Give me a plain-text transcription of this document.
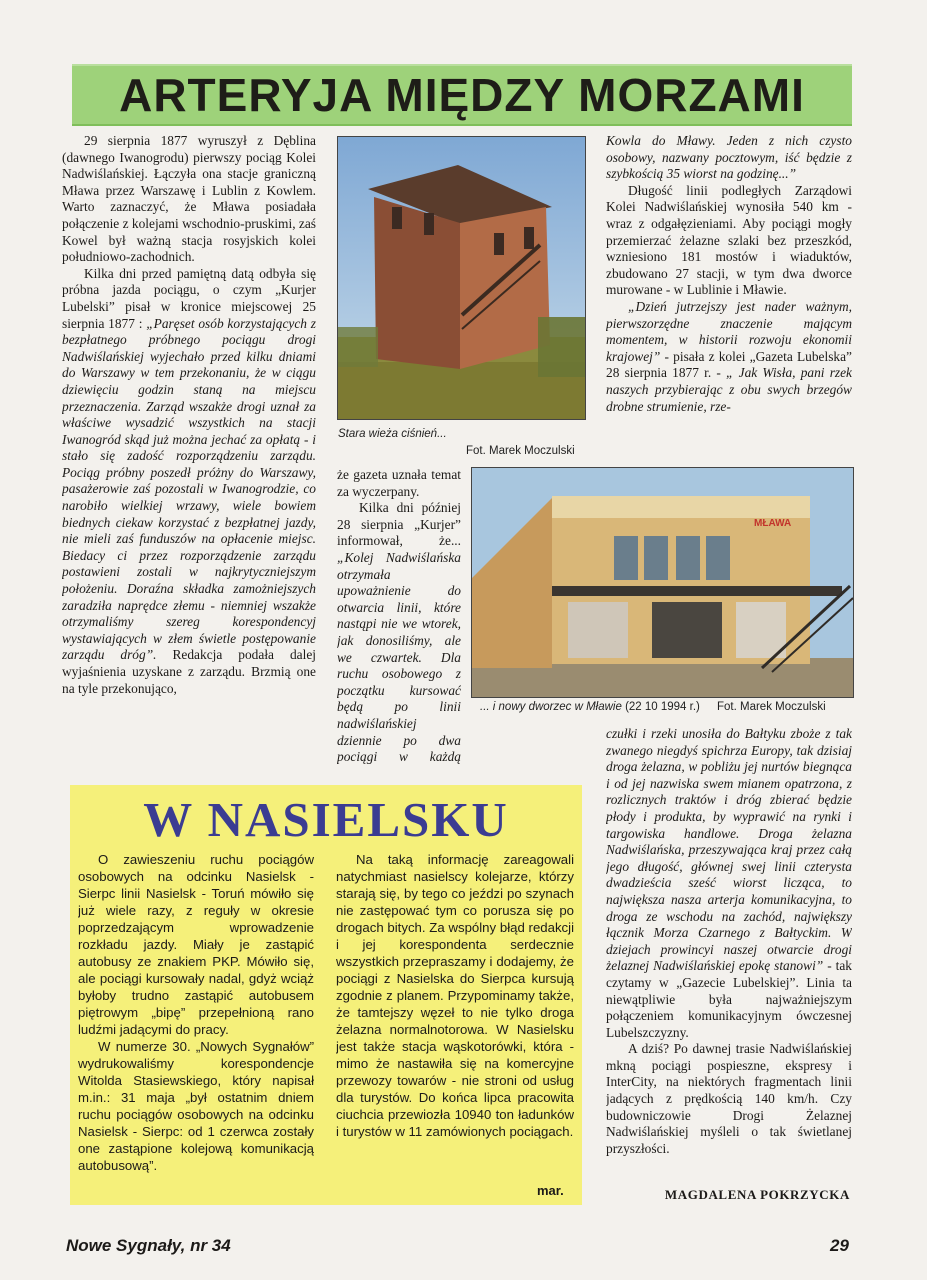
ARTERYJA MIĘDZY MORZAMI

29 sierpnia 1877 wyruszył z Dęblina (dawnego Iwanogrodu) pierwszy pociąg Kolei Nadwiślańskiej. Łączyła ona stacje graniczną Mława przez Warszawę i Lublin z Kowlem. Warto zaznaczyć, że Mława posiadała połączenie z kolejami wschodnio-pruskimi, zaś Kowel był ważną stacja rosyjskich kolei południowo-zachodnich.

Kilka dni przed pamiętną datą odbyła się próbna jazda pociągu, o czym „Kurjer Lubelski” pisał w kronice miejscowej 25 sierpnia 1877 : „Paręset osób korzystających z bezpłatnego próbnego pociągu drogi Nadwiślańskiej wyjechało przed kilku dniami do Warszawy w tem przekonaniu, że w ciągu dziewięciu godzin staną na miejscu przeznaczenia. Zarząd wszakże drogi uznał za właściwe wysadzić wszystkich na stacji Iwanogród skąd już można jechać za opłatą - i stało się zadość rozporządzeniu zarządu. Pociąg próbny poszedł próżny do Warszawy, pasażerowie zaś pozostali w Iwanogrodzie, co narobiło wielkiej wrzawy, wiele bowiem biednych ciekaw korzystać z bezpłatnej jazdy, nie mieli zaś funduszów na opłacenie miejsc. Biedacy ci przez rozporządzenie zarządu postawieni zostali w najkrytyczniejszym położeniu. Doraźna składka zamożniejszych zaradziła naprędce złemu - niemniej wszakże otrzymaliśmy szereg korespondencyj wystawiających w złem świetle postępowanie zarządu dróg”. Redakcja podała dalej wyjaśnienia uzyskane z zarządu. Brzmią one na tyle przekonująco,

Stara wieża ciśnień...
Fot. Marek Moczulski

że gazeta uznała temat za wyczerpany.

Kilka dni później 28 sierpnia „Kurjer” informował, że... „Kolej Nadwiślańska otrzymała upoważnienie do otwarcia linii, które nastąpi nie we wtorek, jak donosiliśmy, ale we czwartek. Dla ruchu osobowego z początku kursować będą po linii nadwiślańskiej dziennie po dwa pociągi w każdą

Kowla do Mławy. Jeden z nich czysto osobowy, nazwany pocztowym, iść będzie z szybkością 35 wiorst na godzinę...”

Długość linii podległych Zarządowi Kolei Nadwiślańskiej wynosiła 540 km - wraz z odgałęzieniami. Aby pociągi mogły przemierzać żelazne szlaki bez przeszkód, wzniesiono 181 mostów i wiaduktów, zbudowano 27 stacji, w tym dwa dworce murowane - w Lublinie i Mławie.

„Dzień jutrzejszy jest nader ważnym, pierwszorzędne znaczenie mającym momentem, w historii rozwoju ekonomii krajowej” - pisała z kolei „Gazeta Lubelska” 28 sierpnia 1877 r. - „ Jak Wisła, pani rzek naszych przybierając z obu swych brzegów drobne strumienie, rze-

MŁAWA
... i nowy dworzec w Mławie (22 10 1994 r.) Fot. Marek Moczulski

czułki i rzeki unosiła do Bałtyku zboże z tak zwanego niegdyś spichrza Europy, tak dzisiaj droga żelazna, w pobliżu jej nurtów biegnąca i od jej nazwiska swem mianem opatrzona, z rozlicznych traktów i dróg zbierać będzie płody i produkta, by wyprawić na rynki i targowiska handlowe. Droga żelazna Nadwiślańska, przeszywająca kraj przez całą jego długość, głównej swej linii czterysta dwadzieścia sześć wiorst licząca, to największa nasza arterja komunikacyjna, to droga ze wschodu na zachód, największy łącznik Morza Czarnego z Bałtyckim. W dziejach prowincyi naszej otwarcie drogi żelaznej Nadwiślańskiej epokę stanowi” - tak czytamy w „Gazecie Lubelskiej”. Linia ta niewątpliwie była najważniejszym połączeniem komunikacyjnym ówczesnej Lubelszczyzny.

A dziś? Po dawnej trasie Nadwiślańskiej mkną pociągi pospieszne, ekspresy i InterCity, na niektórych fragmentach linii jadących z prędkością 140 km/h. Czy budowniczowie Drogi Żelaznej Nadwiślańskiej myśleli o tak świetlanej przyszłości.

MAGDALENA POKRZYCKA
W NASIELSKU

O zawieszeniu ruchu pociągów osobowych na odcinku Nasielsk - Sierpc linii Nasielsk - Toruń mówiło się już wiele razy, z reguły w okresie poprzedzającym wprowadzenie rozkładu jazdy. Miały je zastąpić autobusy ze znakiem PKP. Mówiło się, ale pociągi kursowały nadal, gdyż wciąż byłoby trudno zastąpić autobusem piętrowym „bipę” przepełnioną rano ludźmi jadącymi do pracy.

W numerze 30. „Nowych Sygnałów” wydrukowaliśmy korespondencje Witolda Stasiewskiego, który napisał m.in.: 31 maja „był ostatnim dniem ruchu pociągów osobowych na odcinku Nasielsk - Sierpc: od 1 czerwca zostały one zastąpione kolejową komunikacją autobusową”.

Na taką informację zareagowali natychmiast nasielscy kolejarze, którzy starają się, by tego co jeździ po szynach nie zastępować tym co porusza się po drogach bitych. Za wspólny błąd redakcji i jej korespondenta serdecznie wszystkich przepraszamy i dodajemy, że pociągi z Nasielska do Sierpca kursują zgodnie z planem. Przypominamy także, że tamtejszy węzeł to nie tylko droga żelazna normalnotorowa. W Nasielsku jest także stacja wąskotorówki, która - mimo że nastawiła się na komercyjne przewozy towarów - nie stroni od usług dla turystów. Do końca lipca pracowita ciuchcia przewiozła 10940 ton ładunków i turystów w 11 zamówionych pociągach.

mar.
Nowe Sygnały, nr 34	29
